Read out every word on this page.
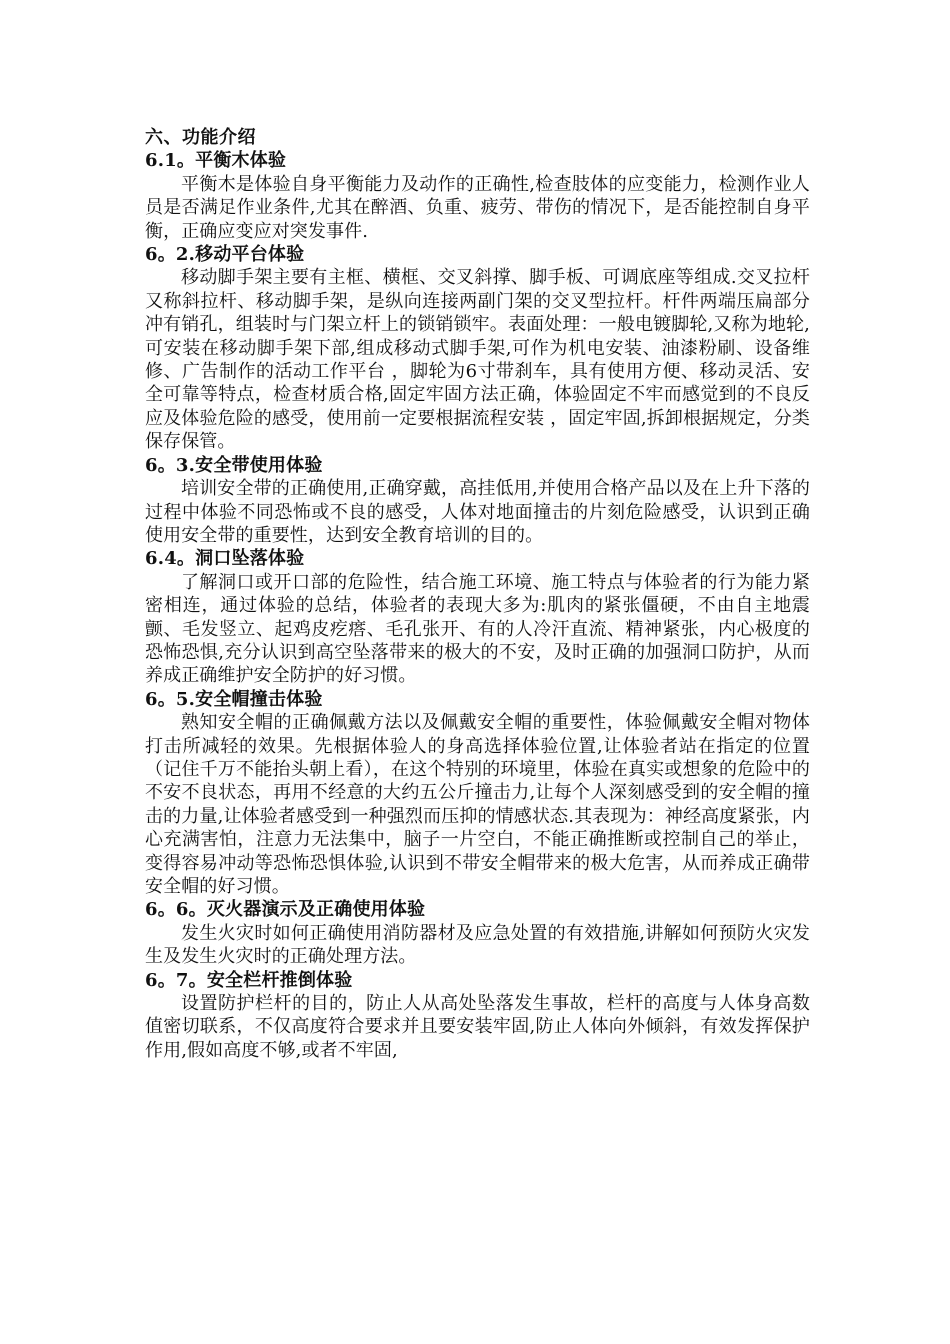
六、功能介绍
6.1。平衡木体验

平衡木是体验自身平衡能力及动作的正确性,检查肢体的应变能力，检测作业人员是否满足作业条件,尤其在醉酒、负重、疲劳、带伤的情况下，是否能控制自身平衡，正确应变应对突发事件.

6。2.移动平台体验

移动脚手架主要有主框、横框、交叉斜撑、脚手板、可调底座等组成.交叉拉杆又称斜拉杆、移动脚手架，是纵向连接两副门架的交叉型拉杆。杆件两端压扁部分冲有销孔，组装时与门架立杆上的锁销锁牢。表面处理：一般电镀脚轮,又称为地轮,可安装在移动脚手架下部,组成移动式脚手架,可作为机电安装、油漆粉刷、设备维修、广告制作的活动工作平台 ，脚轮为6寸带刹车，具有使用方便、移动灵活、安全可靠等特点，检查材质合格,固定牢固方法正确，体验固定不牢而感觉到的不良反应及体验危险的感受，使用前一定要根据流程安装 ，固定牢固,拆卸根据规定，分类保存保管。

6。3.安全带使用体验

培训安全带的正确使用,正确穿戴，高挂低用,并使用合格产品以及在上升下落的过程中体验不同恐怖或不良的感受，人体对地面撞击的片刻危险感受，认识到正确使用安全带的重要性，达到安全教育培训的目的。

6.4。洞口坠落体验

了解洞口或开口部的危险性，结合施工环境、施工特点与体验者的行为能力紧密相连，通过体验的总结，体验者的表现大多为:肌肉的紧张僵硬，不由自主地震颤、毛发竖立、起鸡皮疙瘩、毛孔张开、有的人冷汗直流、精神紧张，内心极度的恐怖恐惧,充分认识到高空坠落带来的极大的不安，及时正确的加强洞口防护，从而养成正确维护安全防护的好习惯。

6。5.安全帽撞击体验

熟知安全帽的正确佩戴方法以及佩戴安全帽的重要性，体验佩戴安全帽对物体打击所减轻的效果。先根据体验人的身高选择体验位置,让体验者站在指定的位置（记住千万不能抬头朝上看），在这个特别的环境里，体验在真实或想象的危险中的不安不良状态，再用不经意的大约五公斤撞击力,让每个人深刻感受到的安全帽的撞击的力量,让体验者感受到一种强烈而压抑的情感状态.其表现为：神经高度紧张，内心充满害怕，注意力无法集中，脑子一片空白，不能正确推断或控制自己的举止，变得容易冲动等恐怖恐惧体验,认识到不带安全帽带来的极大危害，从而养成正确带安全帽的好习惯。

6。6。灭火器演示及正确使用体验

发生火灾时如何正确使用消防器材及应急处置的有效措施,讲解如何预防火灾发生及发生火灾时的正确处理方法。

6。7。安全栏杆推倒体验

设置防护栏杆的目的，防止人从高处坠落发生事故，栏杆的高度与人体身高数值密切联系，不仅高度符合要求并且要安装牢固,防止人体向外倾斜，有效发挥保护作用,假如高度不够,或者不牢固,
